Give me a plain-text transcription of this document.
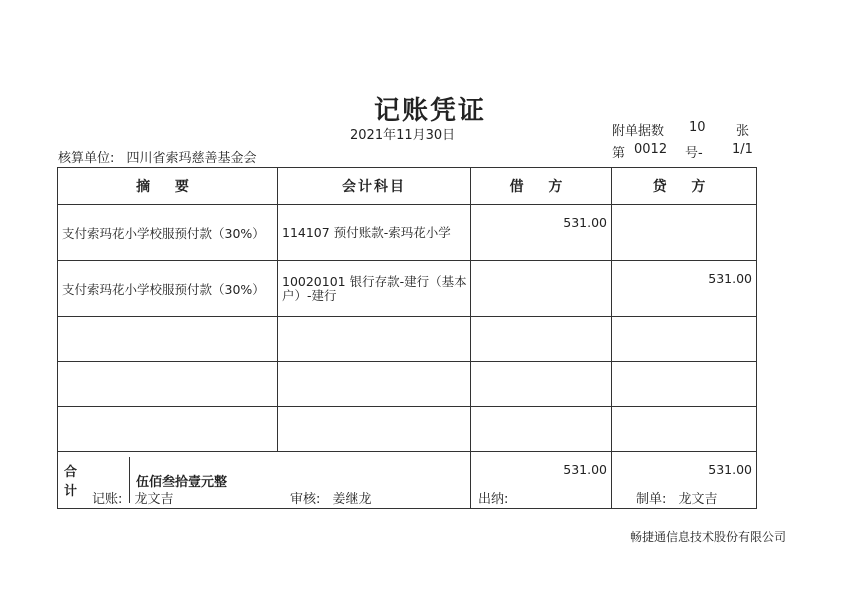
记账凭证
2021年11月30日	附单据数 10 张
核算单位: 四川省索玛慈善基金会	第 0012 号- 1/1
摘 要	会计科目	借 方	贷 方
支付索玛花小学校服预付款（30%）	114107 预付账款-索玛花小学	531.00	
支付索玛花小学校服预付款（30%）	10020101 银行存款-建行（基本户）-建行		531.00

合 计
伍佰叁拾壹元整		531.00	531.00
记账: 龙文吉	审核: 姜继龙	出纳:	制单: 龙文吉
畅捷通信息技术股份有限公司
